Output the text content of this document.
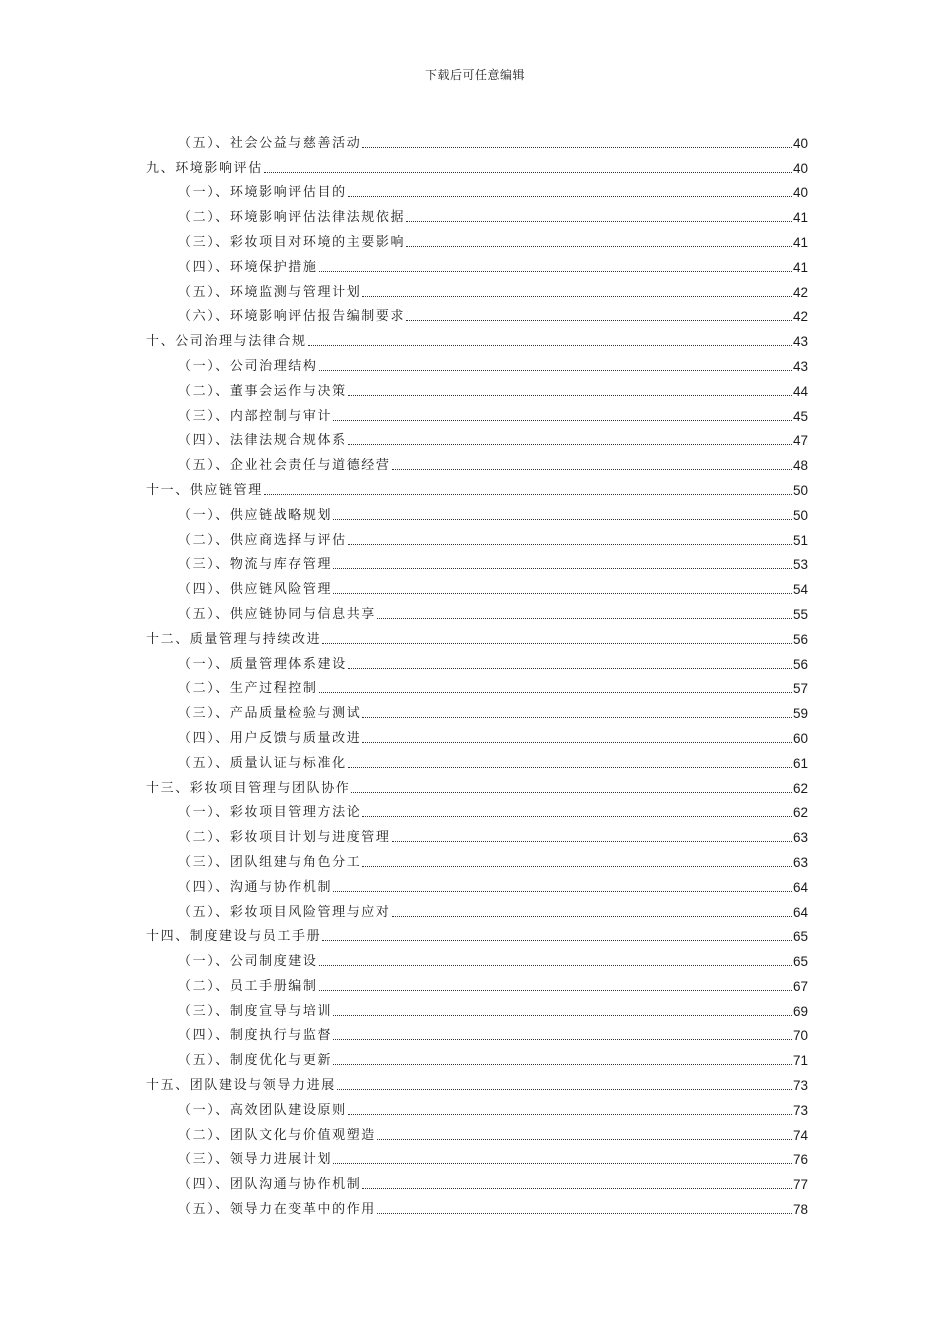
下载后可任意编辑
（五）、社会公益与慈善活动	40
九、环境影响评估	40
（一）、环境影响评估目的	40
（二）、环境影响评估法律法规依据	41
（三）、彩妆项目对环境的主要影响	41
（四）、环境保护措施	41
（五）、环境监测与管理计划	42
（六）、环境影响评估报告编制要求	42
十、公司治理与法律合规	43
（一）、公司治理结构	43
（二）、董事会运作与决策	44
（三）、内部控制与审计	45
（四）、法律法规合规体系	47
（五）、企业社会责任与道德经营	48
十一、供应链管理	50
（一）、供应链战略规划	50
（二）、供应商选择与评估	51
（三）、物流与库存管理	53
（四）、供应链风险管理	54
（五）、供应链协同与信息共享	55
十二、质量管理与持续改进	56
（一）、质量管理体系建设	56
（二）、生产过程控制	57
（三）、产品质量检验与测试	59
（四）、用户反馈与质量改进	60
（五）、质量认证与标准化	61
十三、彩妆项目管理与团队协作	62
（一）、彩妆项目管理方法论	62
（二）、彩妆项目计划与进度管理	63
（三）、团队组建与角色分工	63
（四）、沟通与协作机制	64
（五）、彩妆项目风险管理与应对	64
十四、制度建设与员工手册	65
（一）、公司制度建设	65
（二）、员工手册编制	67
（三）、制度宣导与培训	69
（四）、制度执行与监督	70
（五）、制度优化与更新	71
十五、团队建设与领导力进展	73
（一）、高效团队建设原则	73
（二）、团队文化与价值观塑造	74
（三）、领导力进展计划	76
（四）、团队沟通与协作机制	77
（五）、领导力在变革中的作用	78
